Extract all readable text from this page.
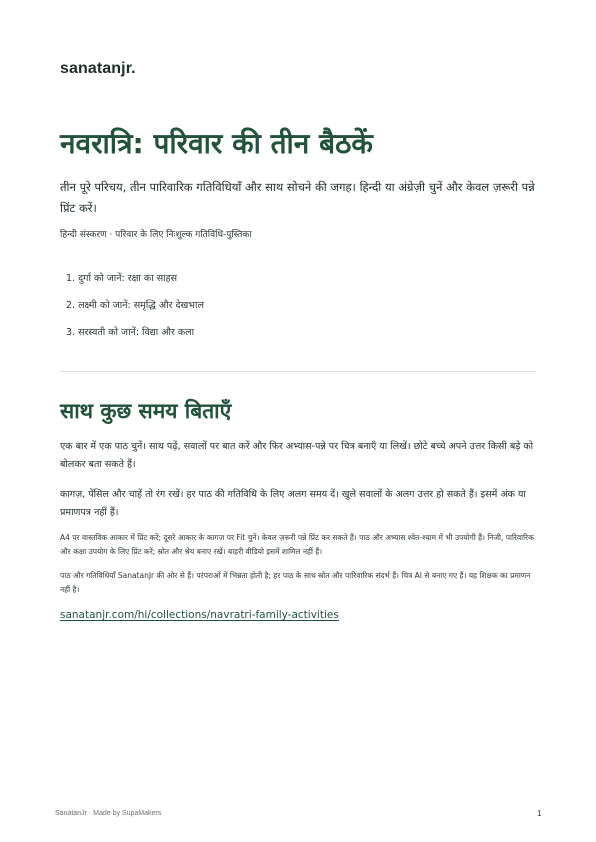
sanatanjr.
नवरात्रि: परिवार की तीन बैठकें

तीन पूरे परिचय, तीन पारिवारिक गतिविधियाँ और साथ सोचने की जगह। हिन्दी या अंग्रेज़ी चुनें और केवल ज़रूरी पन्ने प्रिंट करें।

हिन्दी संस्करण · परिवार के लिए निःशुल्क गतिविधि-पुस्तिका

1. दुर्गा को जानें: रक्षा का साहस
2. लक्ष्मी को जानें: समृद्धि और देखभाल
3. सरस्वती को जानें: विद्या और कला
साथ कुछ समय बिताएँ

एक बार में एक पाठ चुनें। साथ पढ़ें, सवालों पर बात करें और फिर अभ्यास-पन्ने पर चित्र बनाएँ या लिखें। छोटे बच्चे अपने उत्तर किसी बड़े को बोलकर बता सकते हैं।

कागज़, पेंसिल और चाहें तो रंग रखें। हर पाठ की गतिविधि के लिए अलग समय दें। खुले सवालों के अलग उत्तर हो सकते हैं। इसमें अंक या प्रमाणपत्र नहीं हैं।

A4 पर वास्तविक आकार में प्रिंट करें; दूसरे आकार के कागज़ पर Fit चुनें। केवल ज़रूरी पन्ने प्रिंट कर सकते हैं। पाठ और अभ्यास श्वेत-श्याम में भी उपयोगी हैं। निजी, पारिवारिक और कक्षा उपयोग के लिए प्रिंट करें; स्रोत और श्रेय बनाए रखें। बाहरी वीडियो इसमें शामिल नहीं हैं।

पाठ और गतिविधियाँ SanatanJr की ओर से हैं। परंपराओं में भिन्नता होती है; हर पाठ के साथ स्रोत और पारिवारिक संदर्भ हैं। चित्र AI से बनाए गए हैं। यह शिक्षक का प्रमाणन नहीं है।

sanatanjr.com/hi/collections/navratri-family-activities
SanatanJr · Made by SupaMakers	1
